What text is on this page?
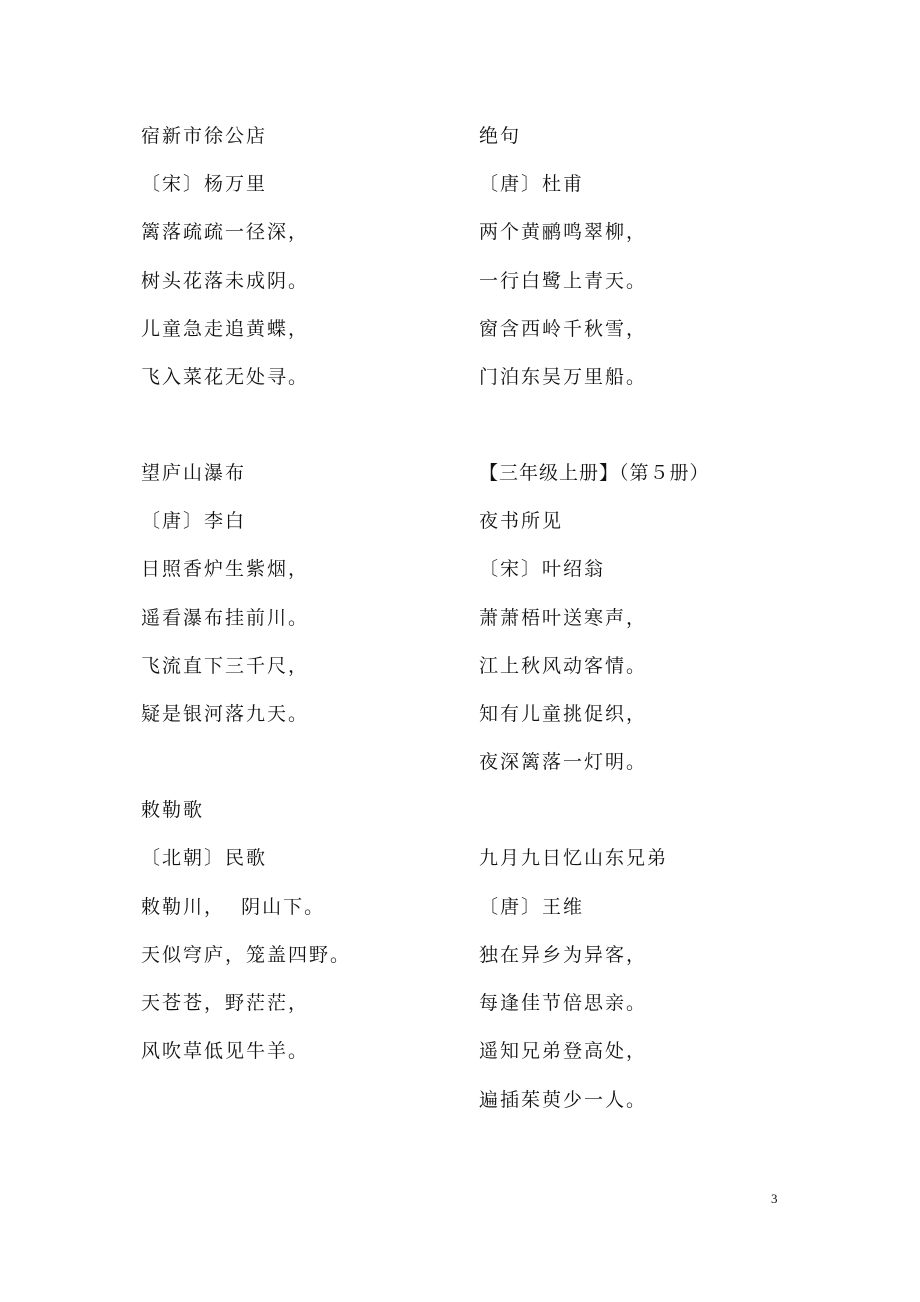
宿新市徐公店
〔宋〕杨万里
篱落疏疏一径深，
树头花落未成阴。
儿童急走追黄蝶，
飞入菜花无处寻。
望庐山瀑布
〔唐〕李白
日照香炉生紫烟，
遥看瀑布挂前川。
飞流直下三千尺，
疑是银河落九天。
敕勒歌
〔北朝〕民歌
敕勒川，  阴山下。
天似穹庐，笼盖四野。
天苍苍，野茫茫，
风吹草低见牛羊。
绝句
〔唐〕杜甫
两个黄鹂鸣翠柳，
一行白鹭上青天。
窗含西岭千秋雪，
门泊东吴万里船。
【三年级上册】（第５册）
夜书所见
〔宋〕叶绍翁
萧萧梧叶送寒声，
江上秋风动客情。
知有儿童挑促织，
夜深篱落一灯明。
九月九日忆山东兄弟
〔唐〕王维
独在异乡为异客，
每逢佳节倍思亲。
遥知兄弟登高处，
遍插茱萸少一人。
3
